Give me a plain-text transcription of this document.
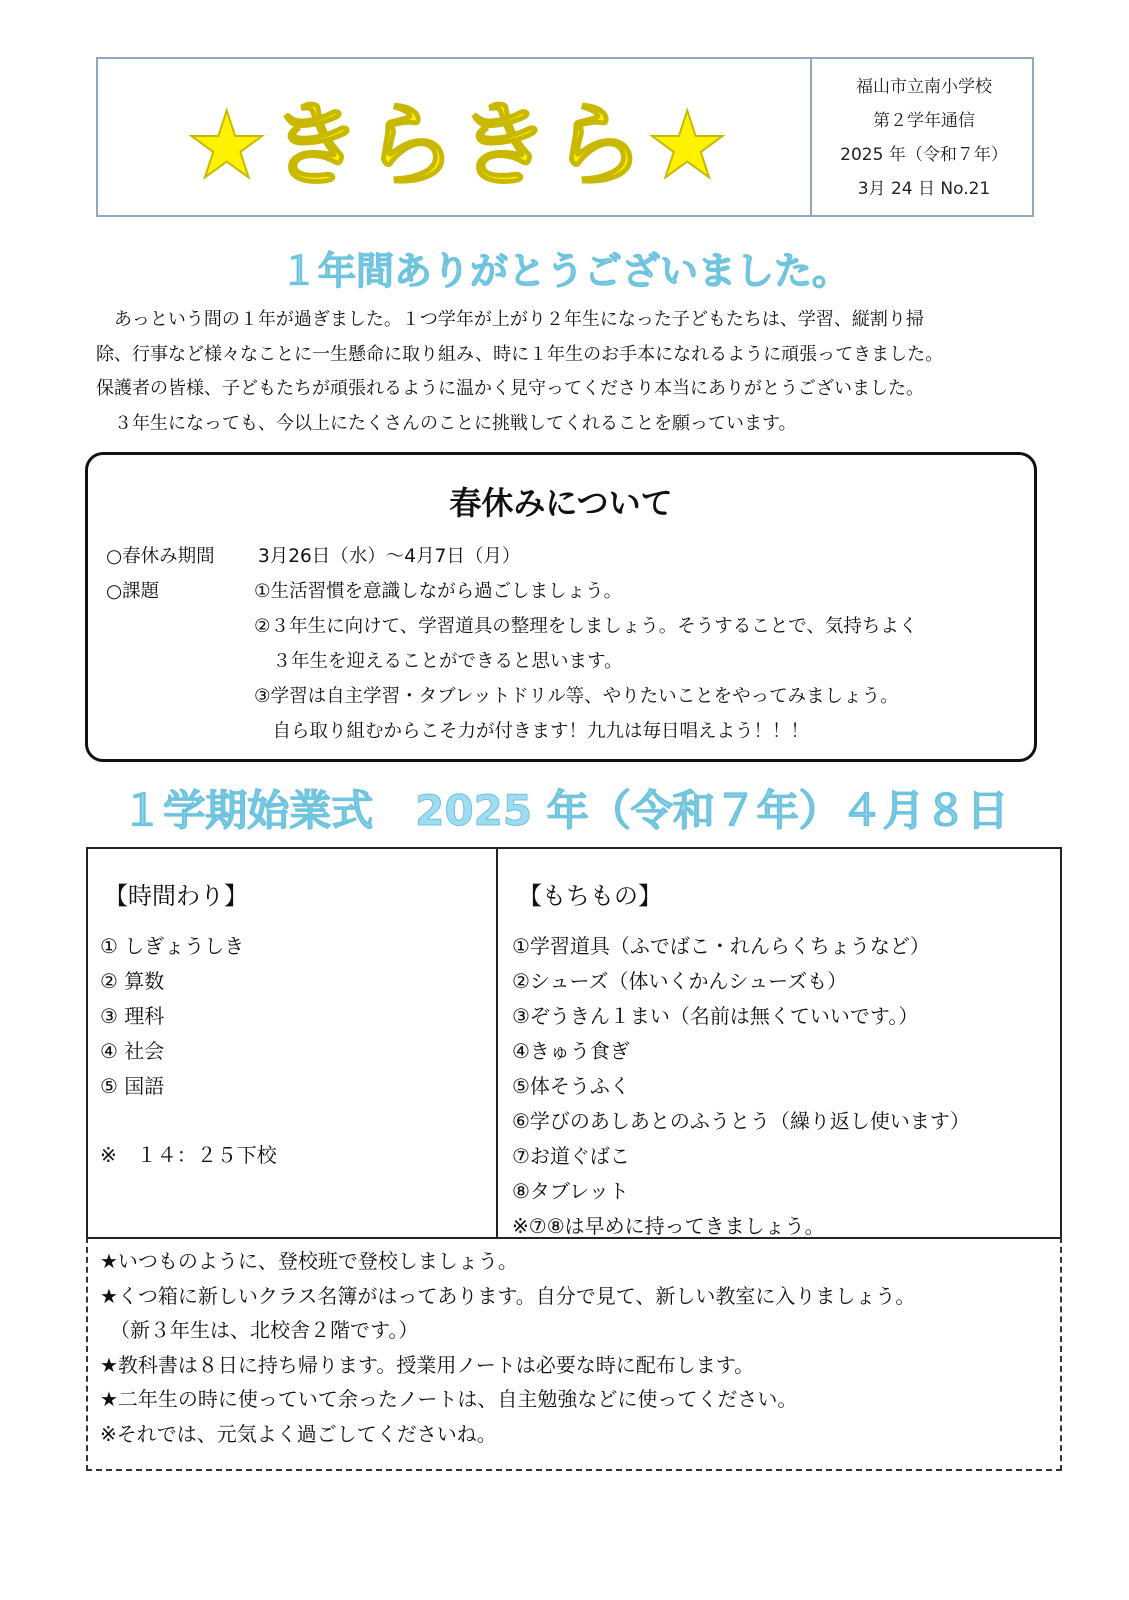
★きらきら★
福山市立南小学校
第２学年通信
2025 年（令和７年）
3月 24 日 No.21
１年間ありがとうございました。
　あっという間の１年が過ぎました。１つ学年が上がり２年生になった子どもたちは、学習、縦割り掃
除、行事など様々なことに一生懸命に取り組み、時に１年生のお手本になれるように頑張ってきました。
保護者の皆様、子どもたちが頑張れるように温かく見守ってくださり本当にありがとうございました。
　３年生になっても、今以上にたくさんのことに挑戦してくれることを願っています。
春休みについて
○春休み期間 3月26日（水）～4月7日（月）
○課題	①生活習慣を意識しながら過ごしましょう。
②３年生に向けて、学習道具の整理をしましょう。そうすることで、気持ちよく
　３年生を迎えることができると思います。
③学習は自主学習・タブレットドリル等、やりたいことをやってみましょう。
　自ら取り組むからこそ力が付きます！九九は毎日唱えよう！！！
１学期始業式　2025 年（令和７年）４月８日
【時間わり】
① しぎょうしき
② 算数
③ 理科
④ 社会
⑤ 国語
※　１４：２５下校
【もちもの】
①学習道具（ふでばこ・れんらくちょうなど）
②シューズ（体いくかんシューズも）
③ぞうきん１まい（名前は無くていいです。）
④きゅう食ぎ
⑤体そうふく
⑥学びのあしあとのふうとう（繰り返し使います）
⑦お道ぐばこ
⑧タブレット
※⑦⑧は早めに持ってきましょう。
★いつものように、登校班で登校しましょう。
★くつ箱に新しいクラス名簿がはってあります。自分で見て、新しい教室に入りましょう。
　（新３年生は、北校舎２階です。）
★教科書は８日に持ち帰ります。授業用ノートは必要な時に配布します。
★二年生の時に使っていて余ったノートは、自主勉強などに使ってください。
※それでは、元気よく過ごしてくださいね。
